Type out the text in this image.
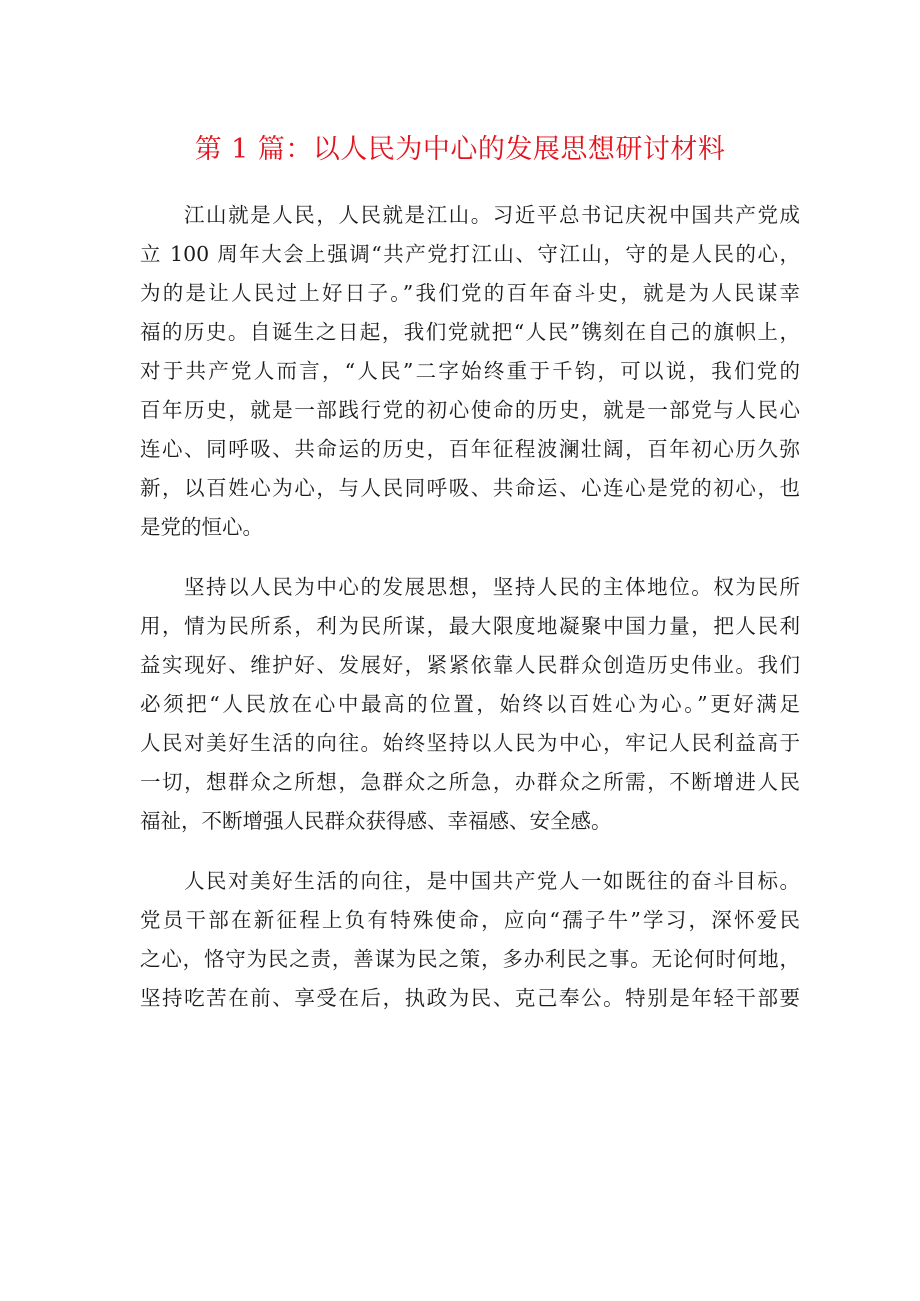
第 1 篇：以人民为中心的发展思想研讨材料

江山就是人民，人民就是江山。习近平总书记庆祝中国共产党成
立 100 周年大会上强调“共产党打江山、守江山，守的是人民的心，
为的是让人民过上好日子。”我们党的百年奋斗史，就是为人民谋幸
福的历史。自诞生之日起，我们党就把“人民”镌刻在自己的旗帜上，
对于共产党人而言，“人民”二字始终重于千钧，可以说，我们党的
百年历史，就是一部践行党的初心使命的历史，就是一部党与人民心
连心、同呼吸、共命运的历史，百年征程波澜壮阔，百年初心历久弥
新，以百姓心为心，与人民同呼吸、共命运、心连心是党的初心，也
是党的恒心。

坚持以人民为中心的发展思想，坚持人民的主体地位。权为民所
用，情为民所系，利为民所谋，最大限度地凝聚中国力量，把人民利
益实现好、维护好、发展好，紧紧依靠人民群众创造历史伟业。我们
必须把“人民放在心中最高的位置，始终以百姓心为心。”更好满足
人民对美好生活的向往。始终坚持以人民为中心，牢记人民利益高于
一切，想群众之所想，急群众之所急，办群众之所需，不断增进人民
福祉，不断增强人民群众获得感、幸福感、安全感。

人民对美好生活的向往，是中国共产党人一如既往的奋斗目标。
党员干部在新征程上负有特殊使命，应向“孺子牛”学习，深怀爱民
之心，恪守为民之责，善谋为民之策，多办利民之事。无论何时何地，
坚持吃苦在前、享受在后，执政为民、克己奉公。特别是年轻干部要
